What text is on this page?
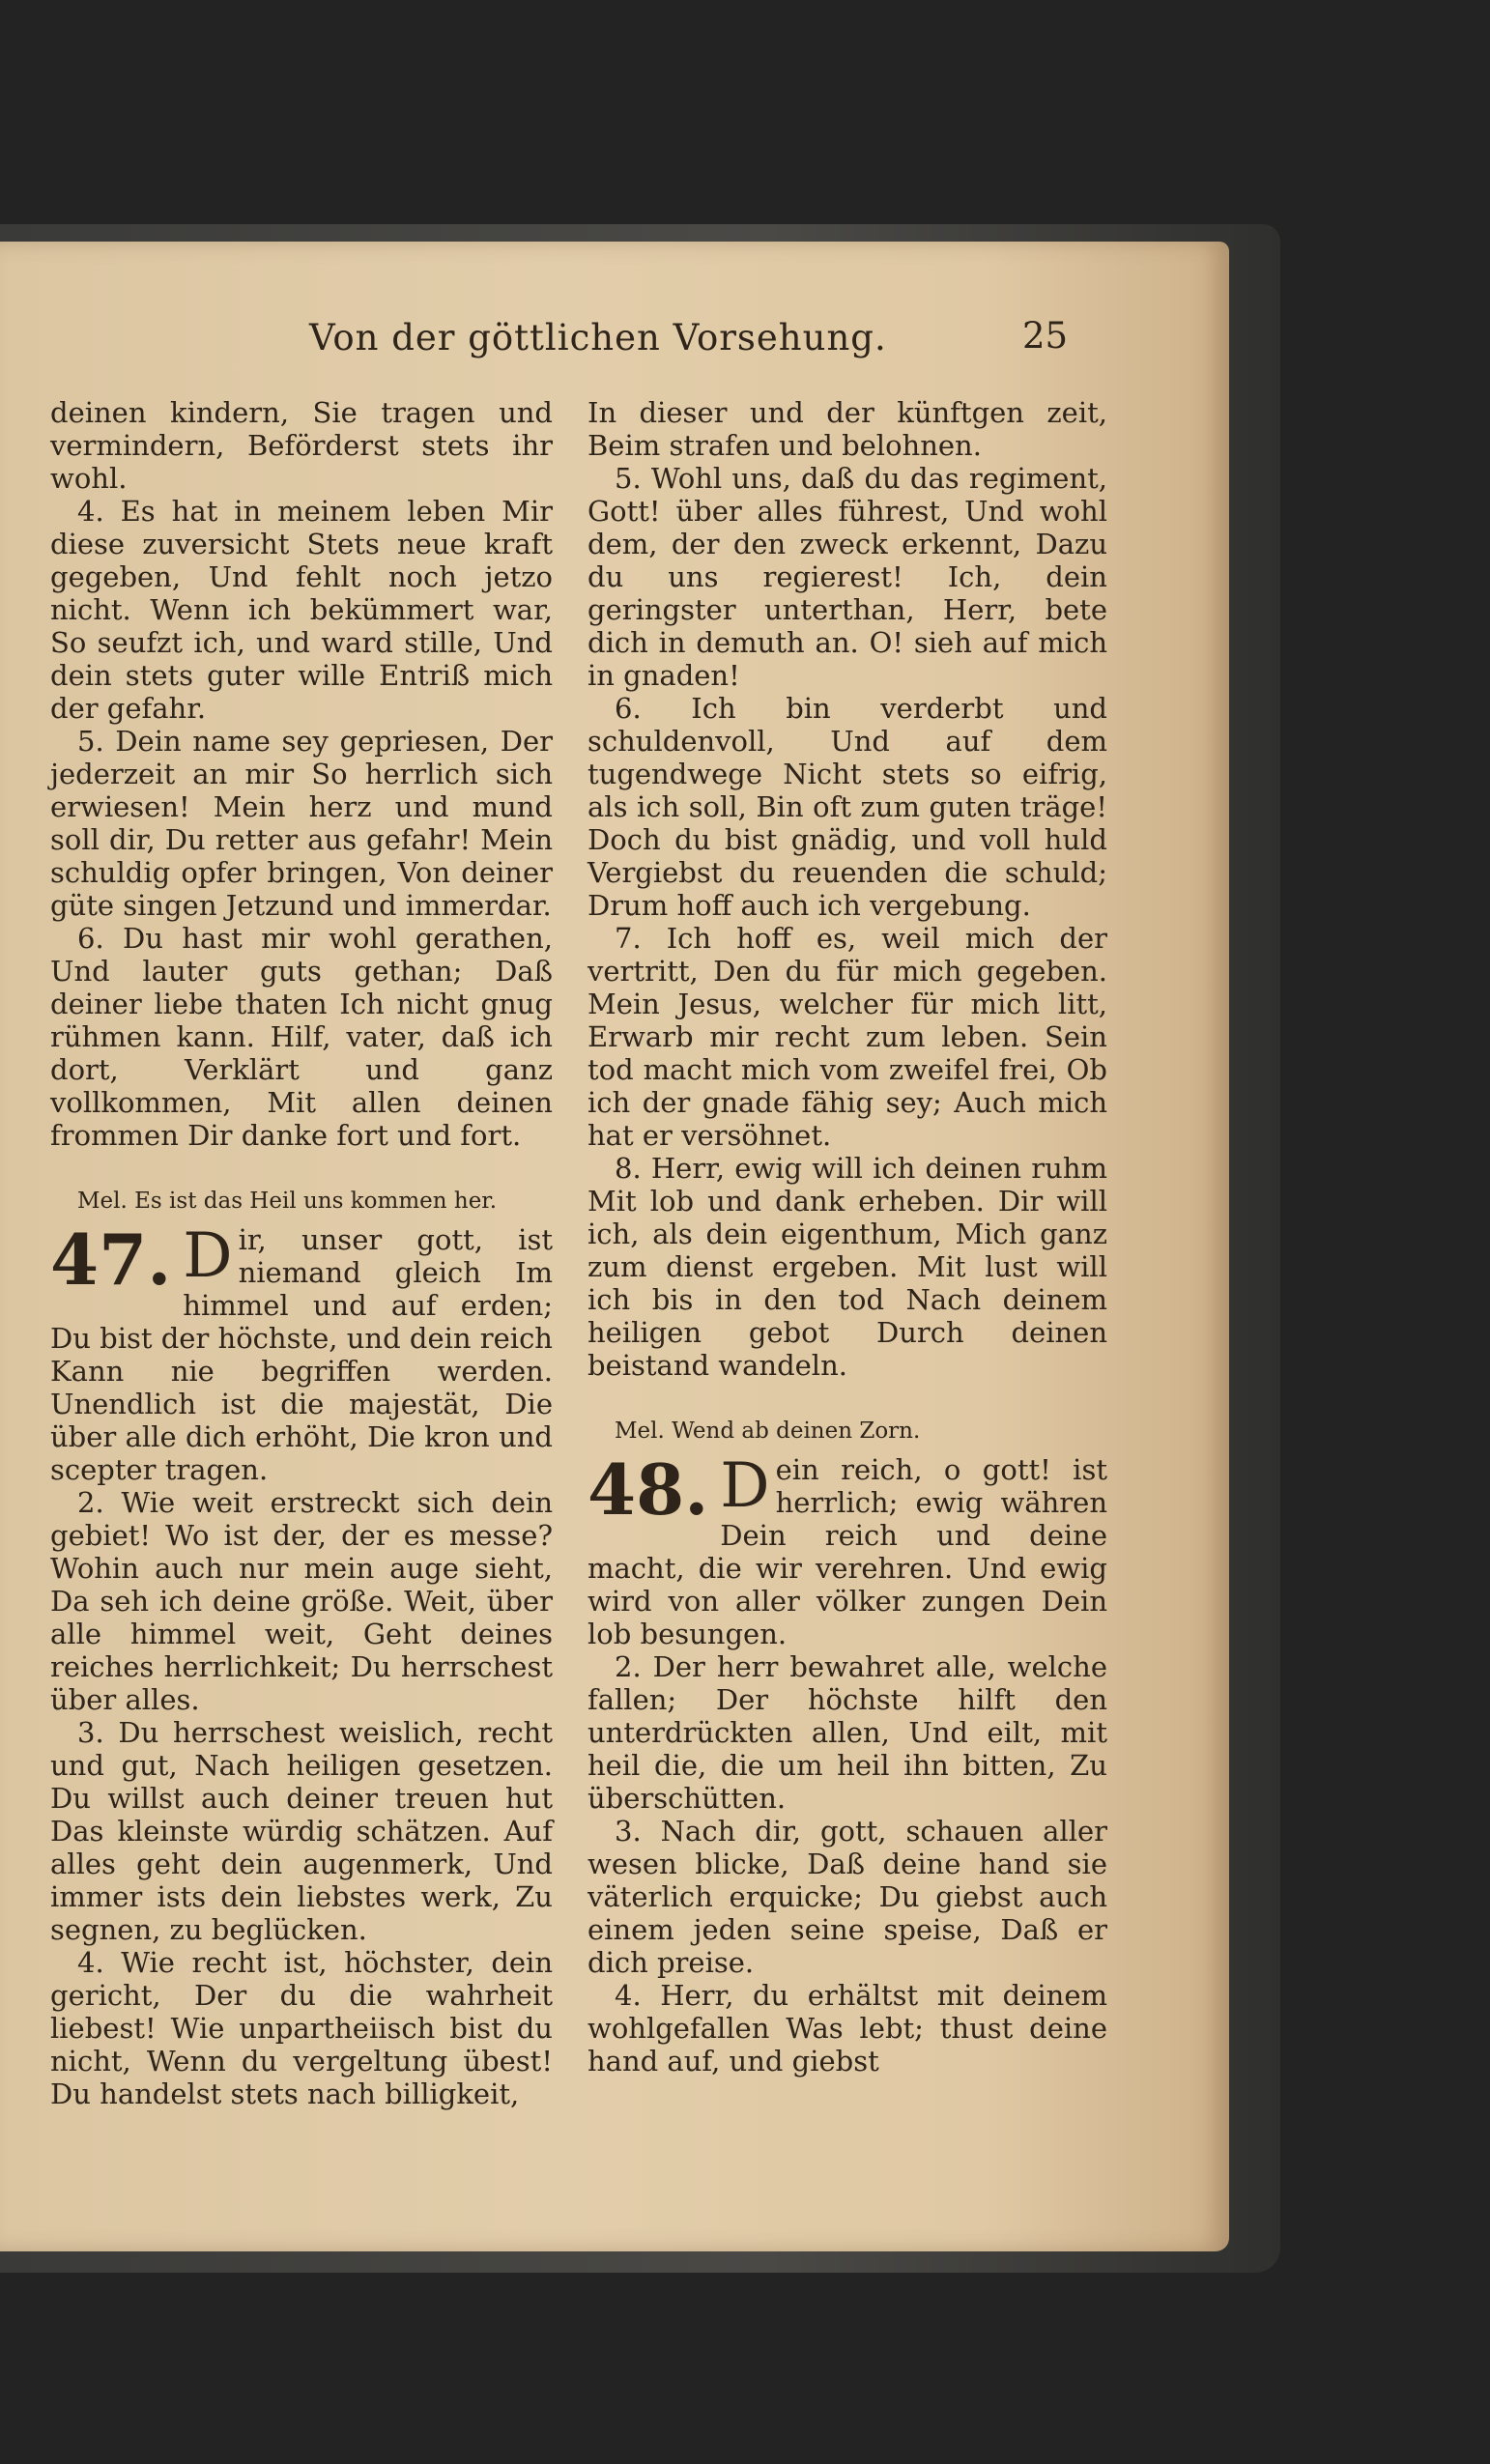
Von der göttlichen Vorsehung.	25

deinen kindern, Sie tragen und vermindern, Beförderst stets ihr wohl.

4. Es hat in meinem leben Mir diese zuversicht Stets neue kraft gegeben, Und fehlt noch jetzo nicht. Wenn ich bekümmert war, So seufzt ich, und ward stille, Und dein stets guter wille Entriß mich der gefahr.

5. Dein name sey gepriesen, Der jederzeit an mir So herrlich sich erwiesen! Mein herz und mund soll dir, Du retter aus gefahr! Mein schuldig opfer bringen, Von deiner güte singen Jetzund und immerdar.

6. Du hast mir wohl gerathen, Und lauter guts gethan; Daß deiner liebe thaten Ich nicht gnug rühmen kann. Hilf, vater, daß ich dort, Verklärt und ganz vollkommen, Mit allen deinen frommen Dir danke fort und fort.

Mel. Es ist das Heil uns kommen her.
47. D ir, unser gott, ist niemand gleich Im himmel und auf erden; Du bist der höchste, und dein reich Kann nie begriffen werden. Unendlich ist die majestät, Die über alle dich erhöht, Die kron und scepter tragen.

2. Wie weit erstreckt sich dein gebiet! Wo ist der, der es messe? Wohin auch nur mein auge sieht, Da seh ich deine größe. Weit, über alle himmel weit, Geht deines reiches herrlichkeit; Du herrschest über alles.

3. Du herrschest weislich, recht und gut, Nach heiligen gesetzen. Du willst auch deiner treuen hut Das kleinste würdig schätzen. Auf alles geht dein augenmerk, Und immer ists dein liebstes werk, Zu segnen, zu beglücken.

4. Wie recht ist, höchster, dein gericht, Der du die wahrheit liebest! Wie unpartheiisch bist du nicht, Wenn du vergeltung übest! Du handelst stets nach billigkeit,

In dieser und der künftgen zeit, Beim strafen und belohnen.

5. Wohl uns, daß du das regiment, Gott! über alles führest, Und wohl dem, der den zweck erkennt, Dazu du uns regierest! Ich, dein geringster unterthan, Herr, bete dich in demuth an. O! sieh auf mich in gnaden!

6. Ich bin verderbt und schuldenvoll, Und auf dem tugendwege Nicht stets so eifrig, als ich soll, Bin oft zum guten träge! Doch du bist gnädig, und voll huld Vergiebst du reuenden die schuld; Drum hoff auch ich vergebung.

7. Ich hoff es, weil mich der vertritt, Den du für mich gegeben. Mein Jesus, welcher für mich litt, Erwarb mir recht zum leben. Sein tod macht mich vom zweifel frei, Ob ich der gnade fähig sey; Auch mich hat er versöhnet.

8. Herr, ewig will ich deinen ruhm Mit lob und dank erheben. Dir will ich, als dein eigenthum, Mich ganz zum dienst ergeben. Mit lust will ich bis in den tod Nach deinem heiligen gebot Durch deinen beistand wandeln.

Mel. Wend ab deinen Zorn.
48. D ein reich, o gott! ist herrlich; ewig währen Dein reich und deine macht, die wir verehren. Und ewig wird von aller völker zungen Dein lob besungen.

2. Der herr bewahret alle, welche fallen; Der höchste hilft den unterdrückten allen, Und eilt, mit heil die, die um heil ihn bitten, Zu überschütten.

3. Nach dir, gott, schauen aller wesen blicke, Daß deine hand sie väterlich erquicke; Du giebst auch einem jeden seine speise, Daß er dich preise.

4. Herr, du erhältst mit deinem wohlgefallen Was lebt; thust deine hand auf, und giebst
